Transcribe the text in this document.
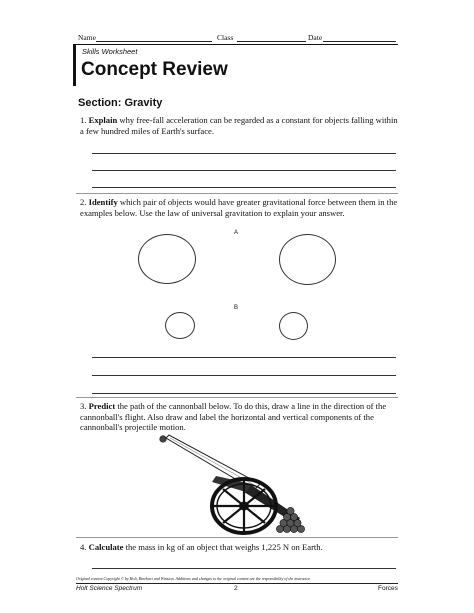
Name	Class	Date
Skills Worksheet
Concept Review
Section: Gravity
1. Explain why free-fall acceleration can be regarded as a constant for objects falling within a few hundred miles of Earth's surface.
2. Identify which pair of objects would have greater gravitational force between them in the examples below. Use the law of universal gravitation to explain your answer.
A
B
3. Predict the path of the cannonball below. To do this, draw a line in the direction of the cannonball's flight. Also draw and label the horizontal and vertical components of the cannonball's projectile motion.
4. Calculate the mass in kg of an object that weighs 1,225 N on Earth.
Original content Copyright © by Holt, Rinehart and Winston. Additions and changes to the original content are the responsibility of the instructor.
Holt Science Spectrum	2	Forces
